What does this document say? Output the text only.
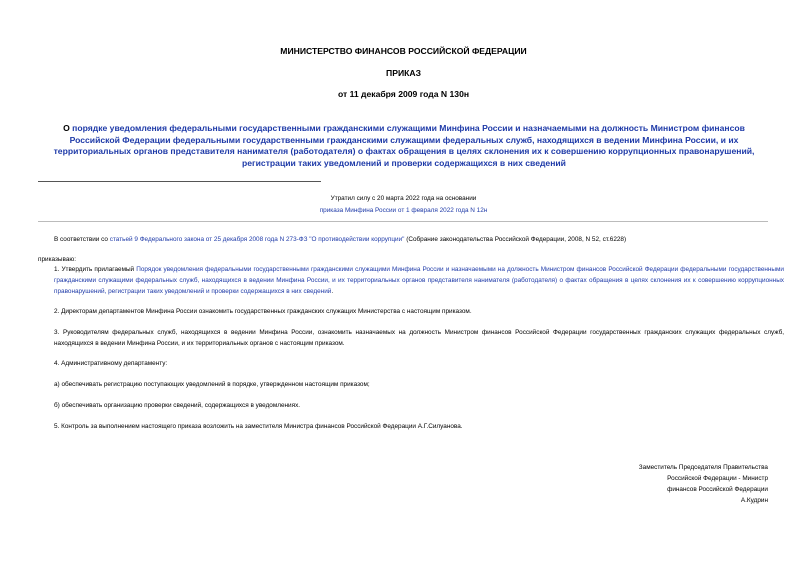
МИНИСТЕРСТВО ФИНАНСОВ РОССИЙСКОЙ ФЕДЕРАЦИИ
ПРИКАЗ
от 11 декабря 2009 года N 130н
О порядке уведомления федеральными государственными гражданскими служащими Минфина России и назначаемыми на должность Министром финансов Российской Федерации федеральными государственными гражданскими служащими федеральных служб, находящихся в ведении Минфина России, и их территориальных органов представителя нанимателя (работодателя) о фактах обращения в целях склонения их к совершению коррупционных правонарушений, регистрации таких уведомлений и проверки содержащихся в них сведений
Утратил силу с 20 марта 2022 года на основании
приказа Минфина России от 1 февраля 2022 года N 12н
В соответствии со статьей 9 Федерального закона от 25 декабря 2008 года N 273-ФЗ "О противодействии коррупции" (Собрание законодательства Российской Федерации, 2008, N 52, ст.6228)
приказываю:
1. Утвердить прилагаемый Порядок уведомления федеральными государственными гражданскими служащими Минфина России и назначаемыми на должность Министром финансов Российской Федерации федеральными государственными гражданскими служащими федеральных служб, находящихся в ведении Минфина России, и их территориальных органов представителя нанимателя (работодателя) о фактах обращения в целях склонения их к совершению коррупционных правонарушений, регистрации таких уведомлений и проверки содержащихся в них сведений.
2. Директорам департаментов Минфина России ознакомить государственных гражданских служащих Министерства с настоящим приказом.
3. Руководителям федеральных служб, находящихся в ведении Минфина России, ознакомить назначаемых на должность Министром финансов Российской Федерации государственных гражданских служащих федеральных служб, находящихся в ведении Минфина России, и их территориальных органов с настоящим приказом.
4. Административному департаменту:
а) обеспечивать регистрацию поступающих уведомлений в порядке, утвержденном настоящим приказом;
б) обеспечивать организацию проверки сведений, содержащихся в уведомлениях.
5. Контроль за выполнением настоящего приказа возложить на заместителя Министра финансов Российской Федерации А.Г.Силуанова.
Заместитель Председателя Правительства
Российской Федерации - Министр
финансов Российской Федерации
А.Кудрин
